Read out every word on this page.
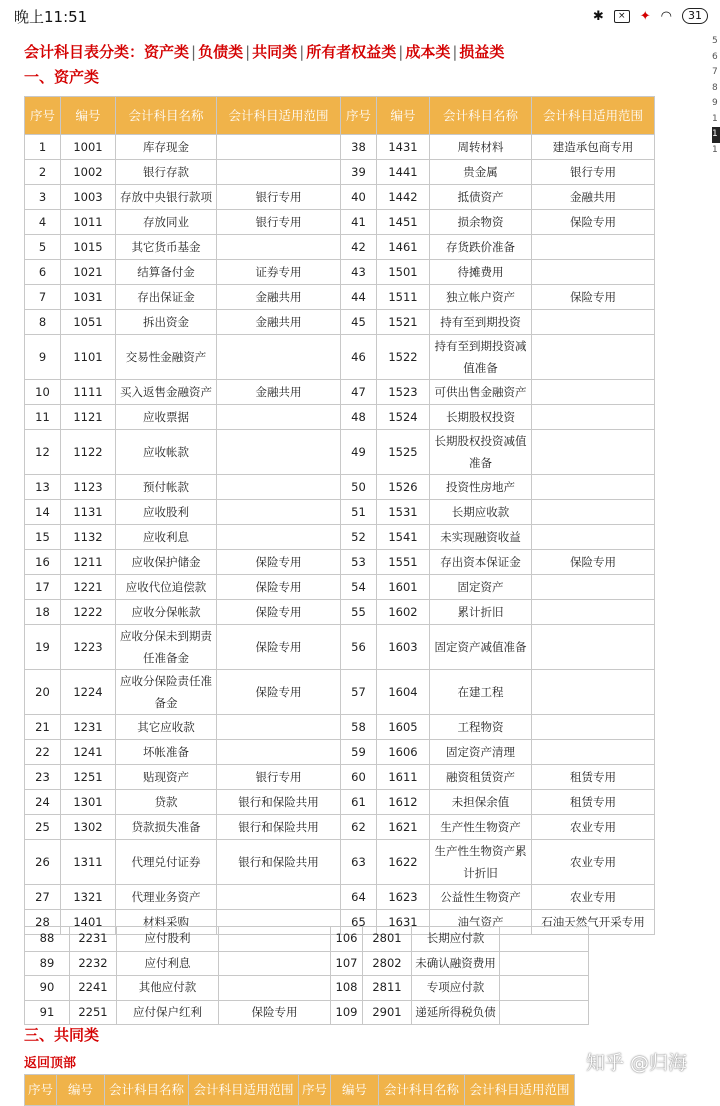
晚上11:51	✱	×	✦ ◠	31
会计科目表分类：资产类 | 负债类 | 共同类 | 所有者权益类 | 成本类 | 损益类
一、资产类
5
6
7
8
9
1
1
1
序号	编号	会计科目名称	会计科目适用范围	序号	编号	会计科目名称	会计科目适用范围
1	1001	库存现金		38	1431	周转材料	建造承包商专用
2	1002	银行存款		39	1441	贵金属	银行专用
3	1003	存放中央银行款项	银行专用	40	1442	抵债资产	金融共用
4	1011	存放同业	银行专用	41	1451	损余物资	保险专用
5	1015	其它货币基金		42	1461	存货跌价准备	
6	1021	结算备付金	证券专用	43	1501	待摊费用	
7	1031	存出保证金	金融共用	44	1511	独立帐户资产	保险专用
8	1051	拆出资金	金融共用	45	1521	持有至到期投资	
9	1101	交易性金融资产		46	1522	持有至到期投资减值准备	
10	1111	买入返售金融资产	金融共用	47	1523	可供出售金融资产	
11	1121	应收票据		48	1524	长期股权投资	
12	1122	应收帐款		49	1525	长期股权投资减值准备	
13	1123	预付帐款		50	1526	投资性房地产	
14	1131	应收股利		51	1531	长期应收款	
15	1132	应收利息		52	1541	未实现融资收益	
16	1211	应收保护储金	保险专用	53	1551	存出资本保证金	保险专用
17	1221	应收代位追偿款	保险专用	54	1601	固定资产	
18	1222	应收分保帐款	保险专用	55	1602	累计折旧	
19	1223	应收分保未到期责任准备金	保险专用	56	1603	固定资产减值准备	
20	1224	应收分保险责任准备金	保险专用	57	1604	在建工程	
21	1231	其它应收款		58	1605	工程物资	
22	1241	坏帐准备		59	1606	固定资产清理	
23	1251	贴现资产	银行专用	60	1611	融资租赁资产	租赁专用
24	1301	贷款	银行和保险共用	61	1612	未担保余值	租赁专用
25	1302	贷款损失准备	银行和保险共用	62	1621	生产性生物资产	农业专用
26	1311	代理兑付证券	银行和保险共用	63	1622	生产性生物资产累计折旧	农业专用
27	1321	代理业务资产		64	1623	公益性生物资产	农业专用
28	1401	材料采购		65	1631	油气资产	石油天然气开采专用
88	2231	应付股利		106	2801	长期应付款	
89	2232	应付利息		107	2802	未确认融资费用	
90	2241	其他应付款		108	2811	专项应付款	
91	2251	应付保户红利	保险专用	109	2901	递延所得税负债	
三、共同类
返回顶部
序号	编号	会计科目名称	会计科目适用范围	序号	编号	会计科目名称	会计科目适用范围
知乎 @归海
